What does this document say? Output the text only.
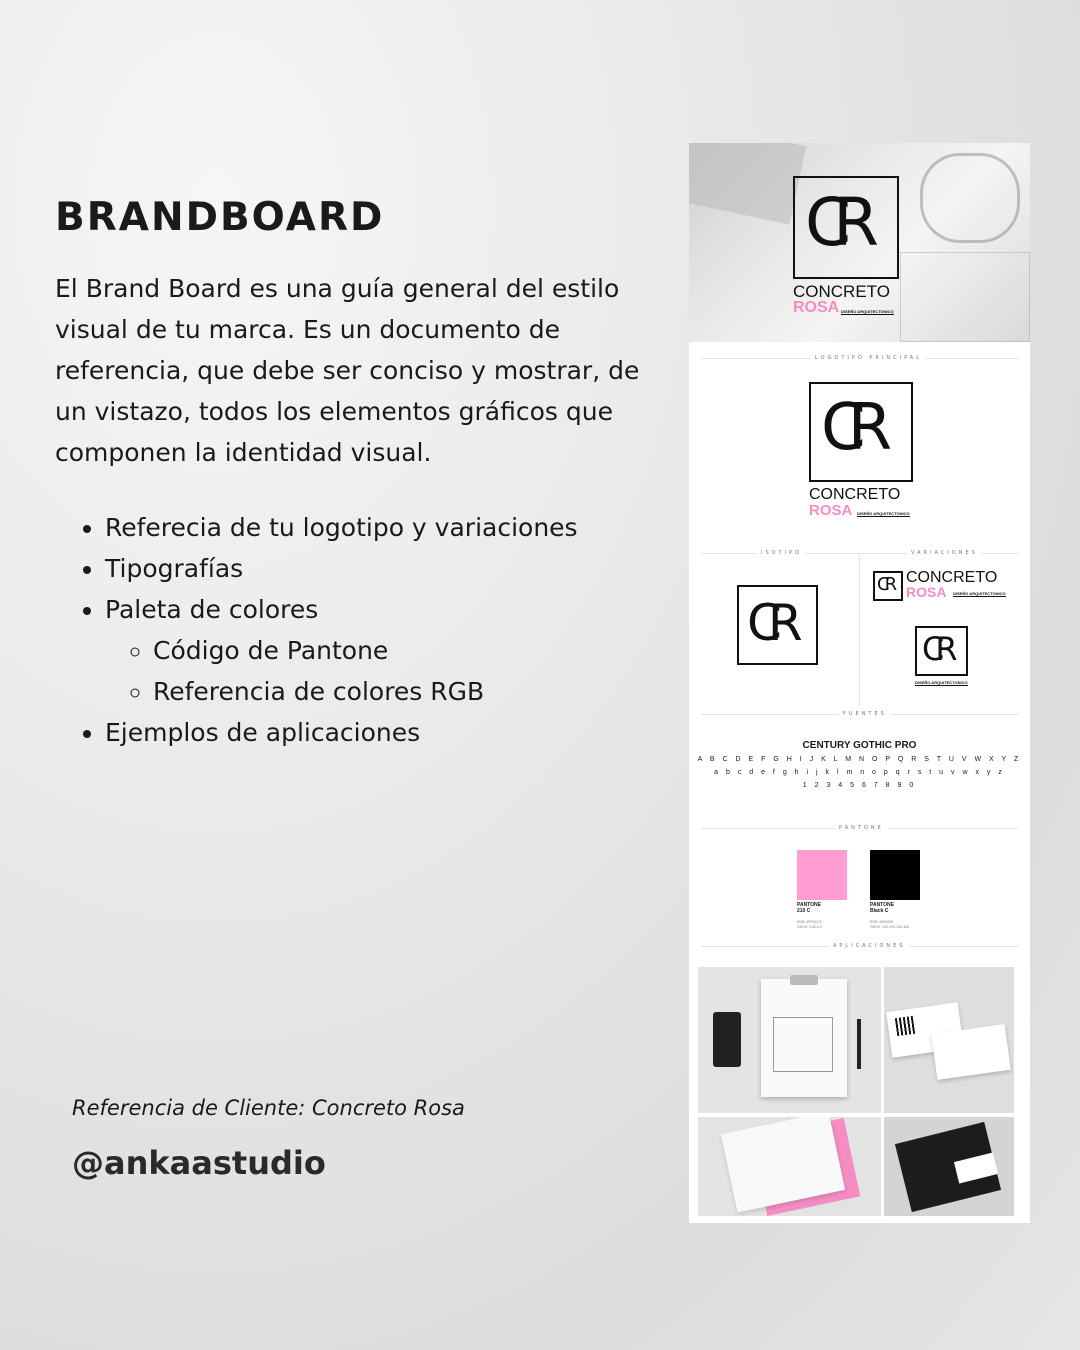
BRANDBOARD

El Brand Board es una guía general del estilo visual de tu marca. Es un documento de referencia, que debe ser conciso y mostrar, de un vistazo, todos los elementos gráficos que componen la identidad visual.

• Referecia de tu logotipo y variaciones
• Tipografías
• Paleta de colores
◦ Código de Pantone
◦ Referencia de colores RGB
• Ejemplos de aplicaciones
Referencia de Cliente: Concreto Rosa
@ankaastudio
CR
CONCRETO
ROSA DISEÑO ARQUITECTONICO
LOGOTIPO PRINCIPAL
CR
CONCRETO
ROSA DISEÑO ARQUITECTONICO
ISOTIPO	VARIACIONES
CR
CR CONCRETO
ROSA DISEÑO ARQUITECTONICO
CR
DISEÑO ARQUITECTONICO
FUENTES
CENTURY GOTHIC PRO
A B C D E F G H I J K L M N O P Q R S T U V W X Y Z
a b c d e f g h i j k l m n o p q r s t u v w x y z
1 2 3 4 5 6 7 8 9 0
PANTONE
PANTONE
210 C
RGB: #FF9CCF
CMYK: 0-32-0-0
PANTONE
Black C
RGB: #000000
CMYK: 100-100-100-100
APLICACIONES
